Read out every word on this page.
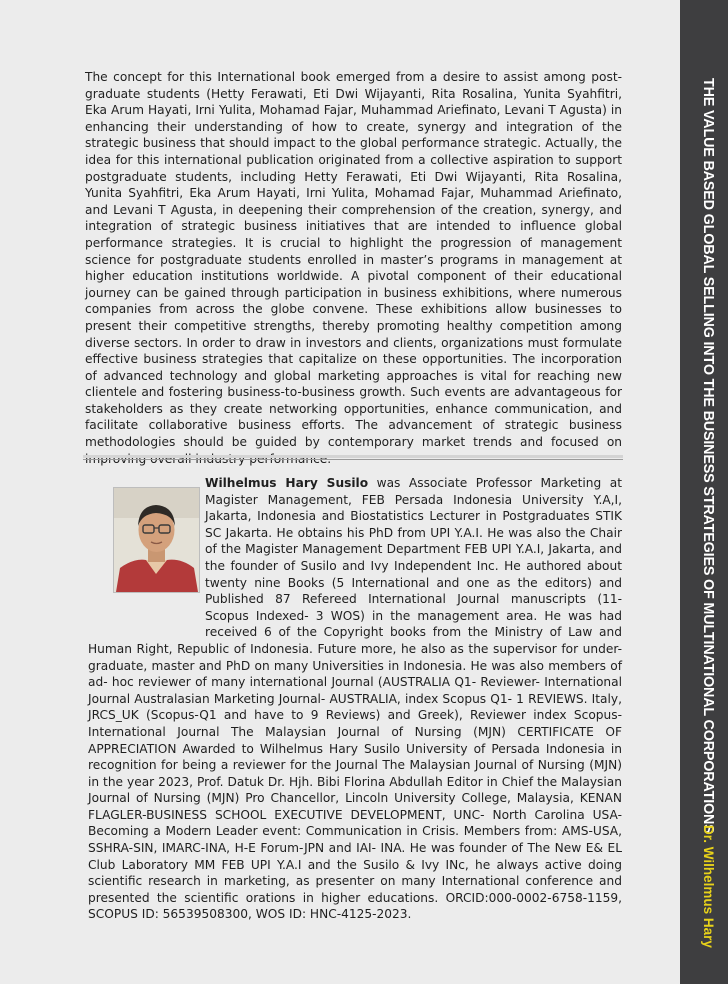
The concept for this International book emerged from a desire to assist among post-graduate students (Hetty Ferawati, Eti Dwi Wijayanti, Rita Rosalina, Yunita Syahfitri, Eka Arum Hayati, Irni Yulita, Mohamad Fajar, Muhammad Ariefinato, Levani T Agusta) in enhancing their understanding of how to create, synergy and integration of the strategic business that should impact to the global performance strategic. Actually, the idea for this international publication originated from a collective aspiration to support postgraduate students, including Hetty Ferawati, Eti Dwi Wijayanti, Rita Rosalina, Yunita Syahfitri, Eka Arum Hayati, Irni Yulita, Mohamad Fajar, Muhammad Ariefinato, and Levani T Agusta, in deepening their comprehension of the creation, synergy, and integration of strategic business initiatives that are intended to influence global performance strategies. It is crucial to highlight the progression of management science for postgraduate students enrolled in master’s programs in management at higher education institutions worldwide. A pivotal component of their educational journey can be gained through participation in business exhibitions, where numerous companies from across the globe convene. These exhibitions allow businesses to present their competitive strengths, thereby promoting healthy competition among diverse sectors. In order to draw in investors and clients, organizations must formulate effective business strategies that capitalize on these opportunities. The incorporation of advanced technology and global marketing approaches is vital for reaching new clientele and fostering business-to-business growth. Such events are advantageous for stakeholders as they create networking opportunities, enhance communication, and facilitate collaborative business efforts. The advancement of strategic business methodologies should be guided by contemporary market trends and focused on improving overall industry performance.

Wilhelmus Hary Susilo was Associate Professor Marketing at Magister Management, FEB Persada Indonesia University Y.A,I, Jakarta, Indonesia and Biostatistics Lecturer in Postgraduates STIK SC Jakarta. He obtains his PhD from UPI Y.A.I. He was also the Chair of the Magister Management Department FEB UPI Y.A.I, Jakarta, and the founder of Susilo and Ivy Independent Inc. He authored about twenty nine Books (5 International and one as the editors) and Published 87 Refereed International Journal manuscripts (11- Scopus Indexed- 3 WOS) in the management area. He was had received 6 of the Copyright books from the Ministry of Law and Human Right, Republic of Indonesia. Future more, he also as the supervisor for under-graduate, master and PhD on many Universities in Indonesia. He was also members of ad- hoc reviewer of many international Journal (AUSTRALIA Q1- Reviewer- International Journal Australasian Marketing Journal- AUSTRALIA, index Scopus Q1- 1 REVIEWS. Italy, JRCS_UK (Scopus-Q1 and have to 9 Reviews) and Greek), Reviewer index Scopus- International Journal The Malaysian Journal of Nursing (MJN) CERTIFICATE OF APPRECIATION Awarded to Wilhelmus Hary Susilo University of Persada Indonesia in recognition for being a reviewer for the Journal The Malaysian Journal of Nursing (MJN) in the year 2023, Prof. Datuk Dr. Hjh. Bibi Florina Abdullah Editor in Chief the Malaysian Journal of Nursing (MJN) Pro Chancellor, Lincoln University College, Malaysia, KENAN FLAGLER-BUSINESS SCHOOL EXECUTIVE DEVELOPMENT, UNC- North Carolina USA-Becoming a Modern Leader event: Communication in Crisis. Members from: AMS-USA, SSHRA-SIN, IMARC-INA, H-E Forum-JPN and IAI- INA. He was founder of The New E& EL Club Laboratory MM FEB UPI Y.A.I and the Susilo & Ivy INc, he always active doing scientific research in marketing, as presenter on many International conference and presented the scientific orations in higher educations. ORCID:000-0002-6758-1159, SCOPUS ID: 56539508300, WOS ID: HNC-4125-2023.

THE VALUE BASED GLOBAL SELLING INTO THE BUSINESS STRATEGIES OF MULTINATIONAL CORPORATIONS
Dr. Wilhelmus Hary
